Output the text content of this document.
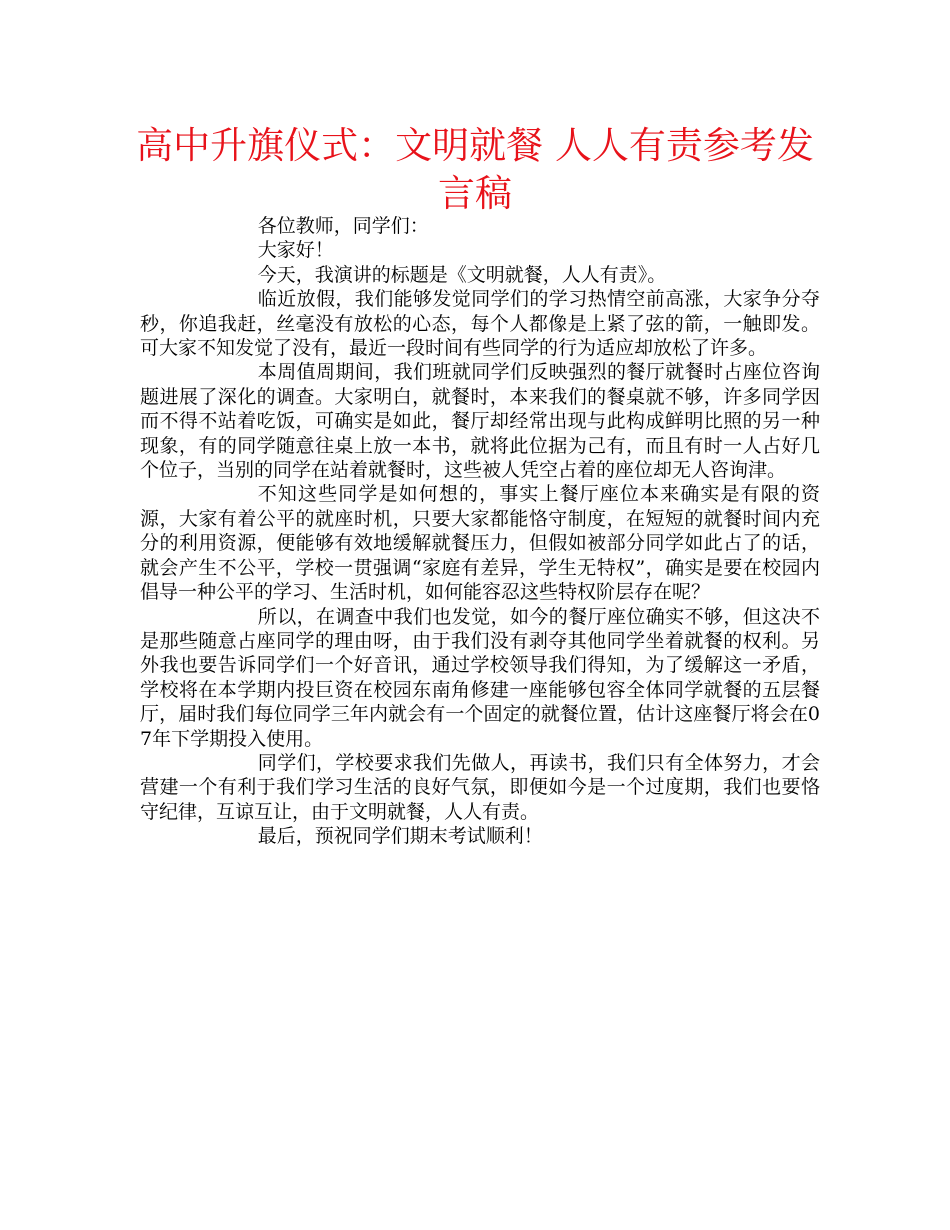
高中升旗仪式：文明就餐 人人有责参考发言稿

各位教师，同学们：

大家好！

今天，我演讲的标题是《文明就餐，人人有责》。

临近放假，我们能够发觉同学们的学习热情空前高涨，大家争分夺秒，你追我赶，丝毫没有放松的心态，每个人都像是上紧了弦的箭，一触即发。可大家不知发觉了没有，最近一段时间有些同学的行为适应却放松了许多。

本周值周期间，我们班就同学们反映强烈的餐厅就餐时占座位咨询题进展了深化的调查。大家明白，就餐时，本来我们的餐桌就不够，许多同学因而不得不站着吃饭，可确实是如此，餐厅却经常出现与此构成鲜明比照的另一种现象，有的同学随意往桌上放一本书，就将此位据为己有，而且有时一人占好几个位子，当别的同学在站着就餐时，这些被人凭空占着的座位却无人咨询津。

不知这些同学是如何想的，事实上餐厅座位本来确实是有限的资源，大家有着公平的就座时机，只要大家都能恪守制度，在短短的就餐时间内充分的利用资源，便能够有效地缓解就餐压力，但假如被部分同学如此占了的话，就会产生不公平，学校一贯强调“家庭有差异，学生无特权”，确实是要在校园内倡导一种公平的学习、生活时机，如何能容忍这些特权阶层存在呢？

所以，在调查中我们也发觉，如今的餐厅座位确实不够，但这决不是那些随意占座同学的理由呀，由于我们没有剥夺其他同学坐着就餐的权利。另外我也要告诉同学们一个好音讯，通过学校领导我们得知，为了缓解这一矛盾，学校将在本学期内投巨资在校园东南角修建一座能够包容全体同学就餐的五层餐厅，届时我们每位同学三年内就会有一个固定的就餐位置，估计这座餐厅将会在07年下学期投入使用。

同学们，学校要求我们先做人，再读书，我们只有全体努力，才会营建一个有利于我们学习生活的良好气氛，即便如今是一个过度期，我们也要恪守纪律，互谅互让，由于文明就餐，人人有责。

最后，预祝同学们期末考试顺利！
